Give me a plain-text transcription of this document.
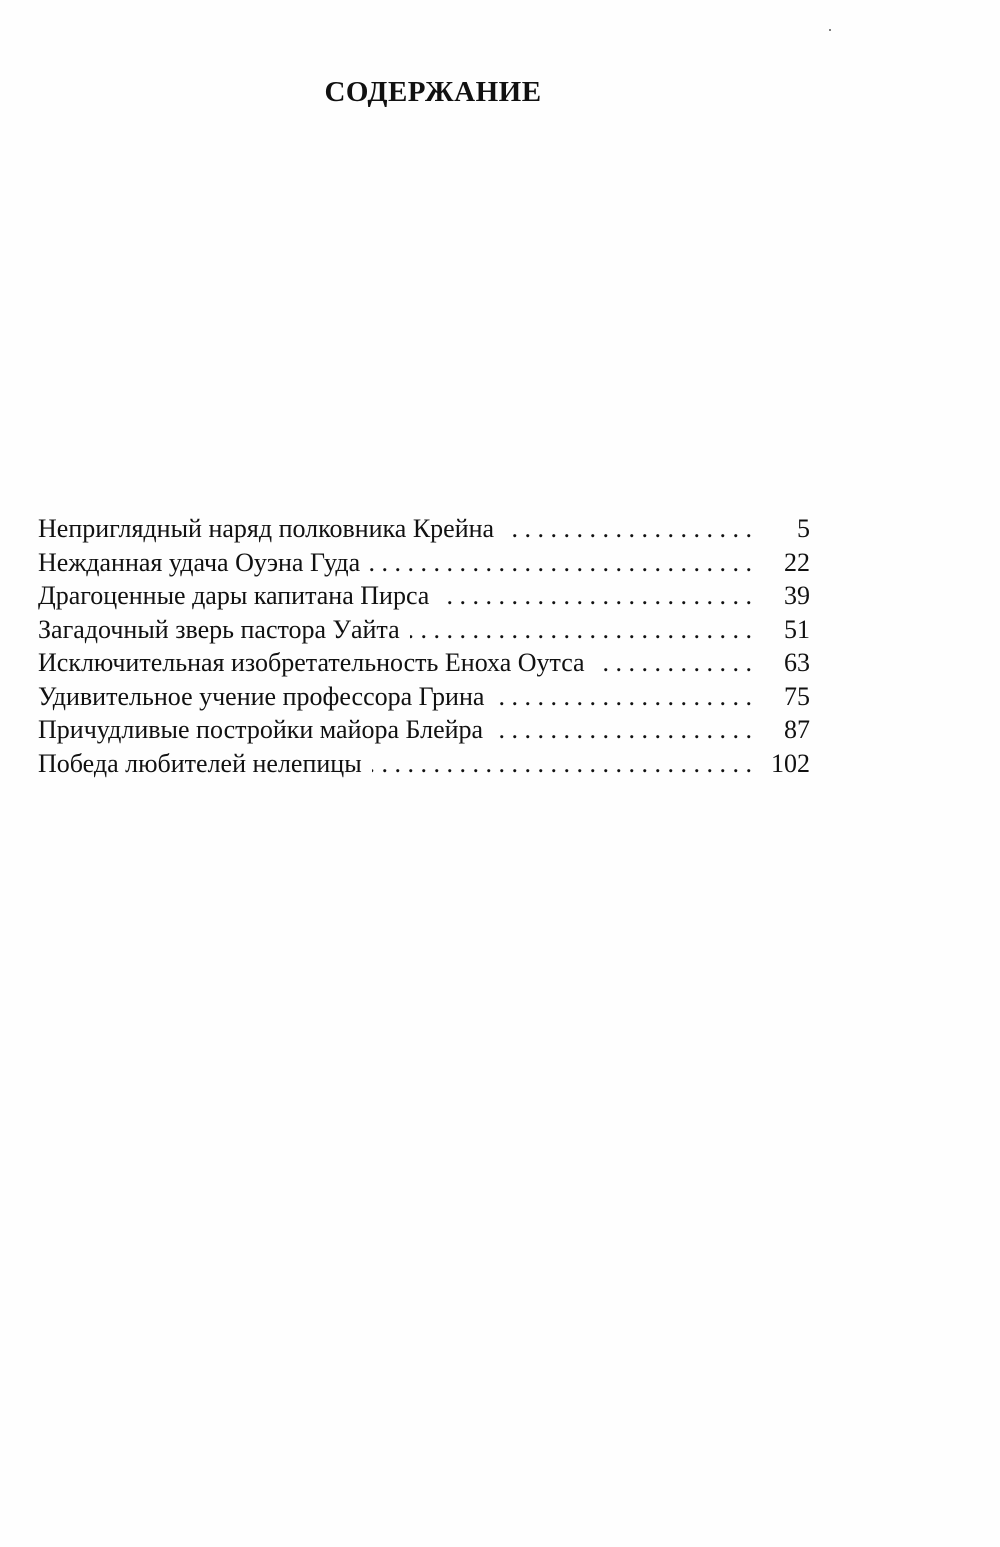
СОДЕРЖАНИЕ
Неприглядный наряд полковника Крейна . . .	5
Нежданная удача Оуэна Гуда . . .	22
Драгоценные дары капитана Пирса . . .	39
Загадочный зверь пастора Уайта . . .	51
Исключительная изобретательность Еноха Оутса . . .	63
Удивительное учение профессора Грина . . .	75
Причудливые постройки майора Блейра . . .	87
Победа любителей нелепицы . . .	102
